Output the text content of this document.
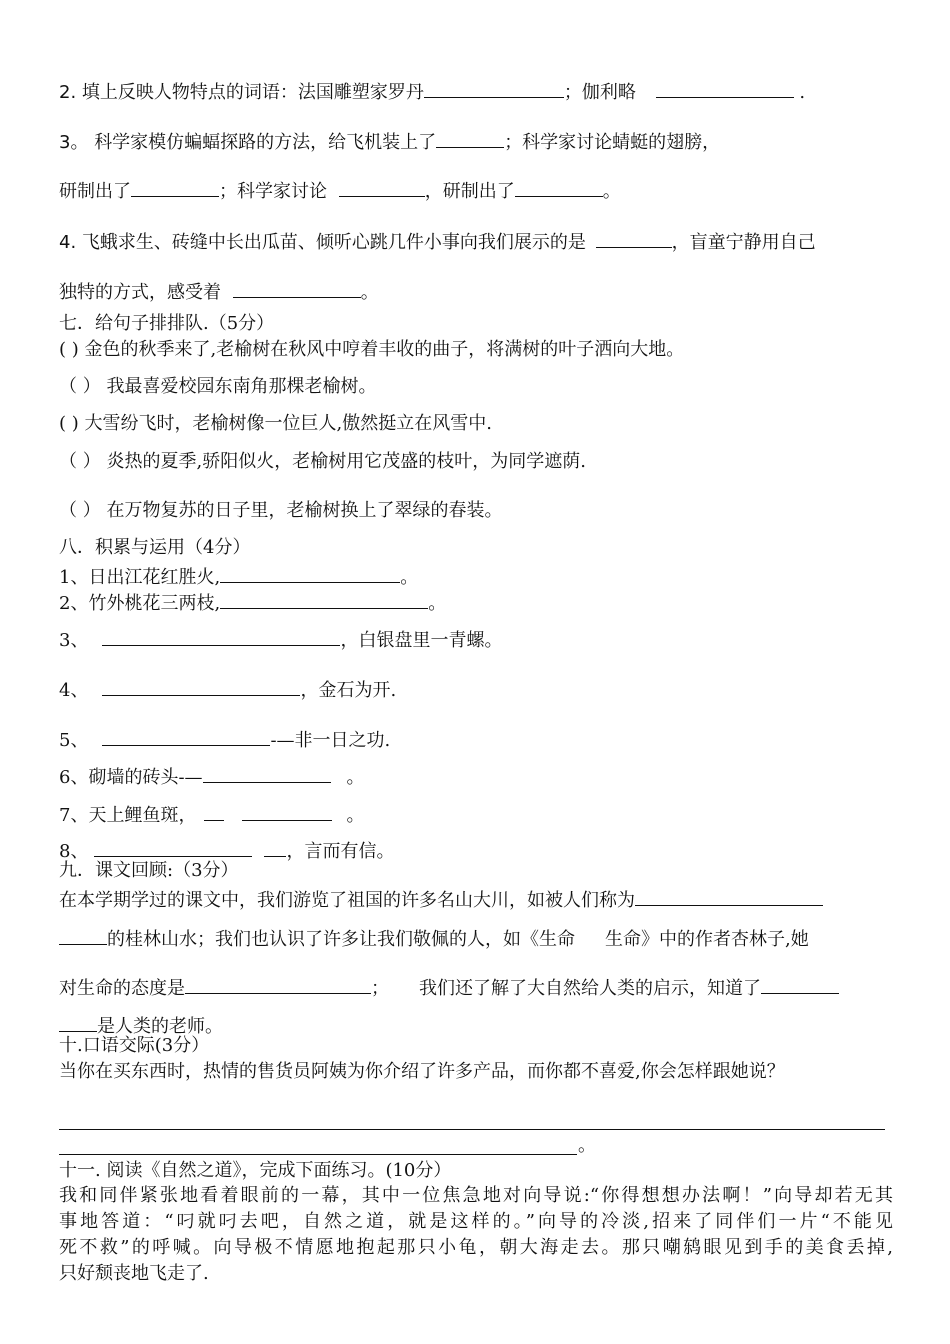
2. 填上反映人物特点的词语：法国雕塑家罗丹	；伽利略	.
3。 科学家模仿蝙蝠探路的方法，给飞机装上了	；科学家讨论蜻蜓的翅膀，
研制出了	；科学家讨论	，研制出了	。
4. 飞蛾求生、砖缝中长出瓜苗、倾听心跳几件小事向我们展示的是	，盲童宁静用自己
独特的方式，感受着	。
七．给句子排排队.（5分）
( ) 金色的秋季来了,老榆树在秋风中哼着丰收的曲子，将满树的叶子洒向大地。
（ ） 我最喜爱校园东南角那棵老榆树。
( ) 大雪纷飞时，老榆树像一位巨人,傲然挺立在风雪中.
（ ） 炎热的夏季,骄阳似火，老榆树用它茂盛的枝叶，为同学遮荫.
（ ） 在万物复苏的日子里，老榆树换上了翠绿的春装。
八．积累与运用（4分）
1、日出江花红胜火,	。
2、竹外桃花三两枝,	。
3、	，白银盘里一青螺。
4、	，金石为开.
5、	-—非一日之功.
6、砌墙的砖头-—	。
7、天上鲤鱼斑，	。
8、	，言而有信。
九．课文回顾:（3分）
在本学期学过的课文中，我们游览了祖国的许多名山大川，如被人们称为
的桂林山水；我们也认识了许多让我们敬佩的人，如《生命 生命》中的作者杏林子,她
对生命的态度是	； 我们还了解了大自然给人类的启示，知道了
是人类的老师。
十.口语交际(3分）
当你在买东西时，热情的售货员阿姨为你介绍了许多产品，而你都不喜爱,你会怎样跟她说？
。
十一. 阅读《自然之道》，完成下面练习。(10分）
我和同伴紧张地看着眼前的一幕，其中一位焦急地对向导说:“你得想想办法啊！”向导却若无其
事地答道：“叼就叼去吧，自然之道，就是这样的。”向导的冷淡,招来了同伴们一片“不能见
死不救”的呼喊。向导极不情愿地抱起那只小龟，朝大海走去。那只嘲鸫眼见到手的美食丢掉,
只好颓丧地飞走了.
